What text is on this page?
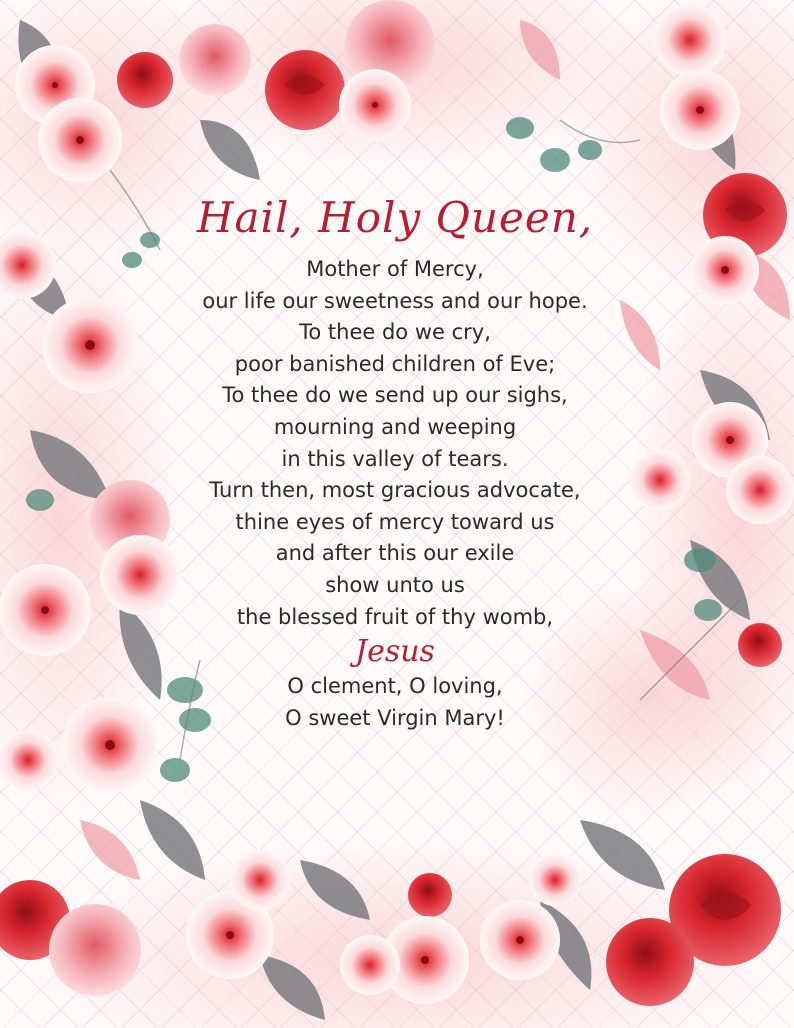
Hail, Holy Queen,
Mother of Mercy,
our life our sweetness and our hope.
To thee do we cry,
poor banished children of Eve;
To thee do we send up our sighs,
mourning and weeping
in this valley of tears.
Turn then, most gracious advocate,
thine eyes of mercy toward us
and after this our exile
show unto us
the blessed fruit of thy womb,
Jesus
O clement, O loving,
O sweet Virgin Mary!
